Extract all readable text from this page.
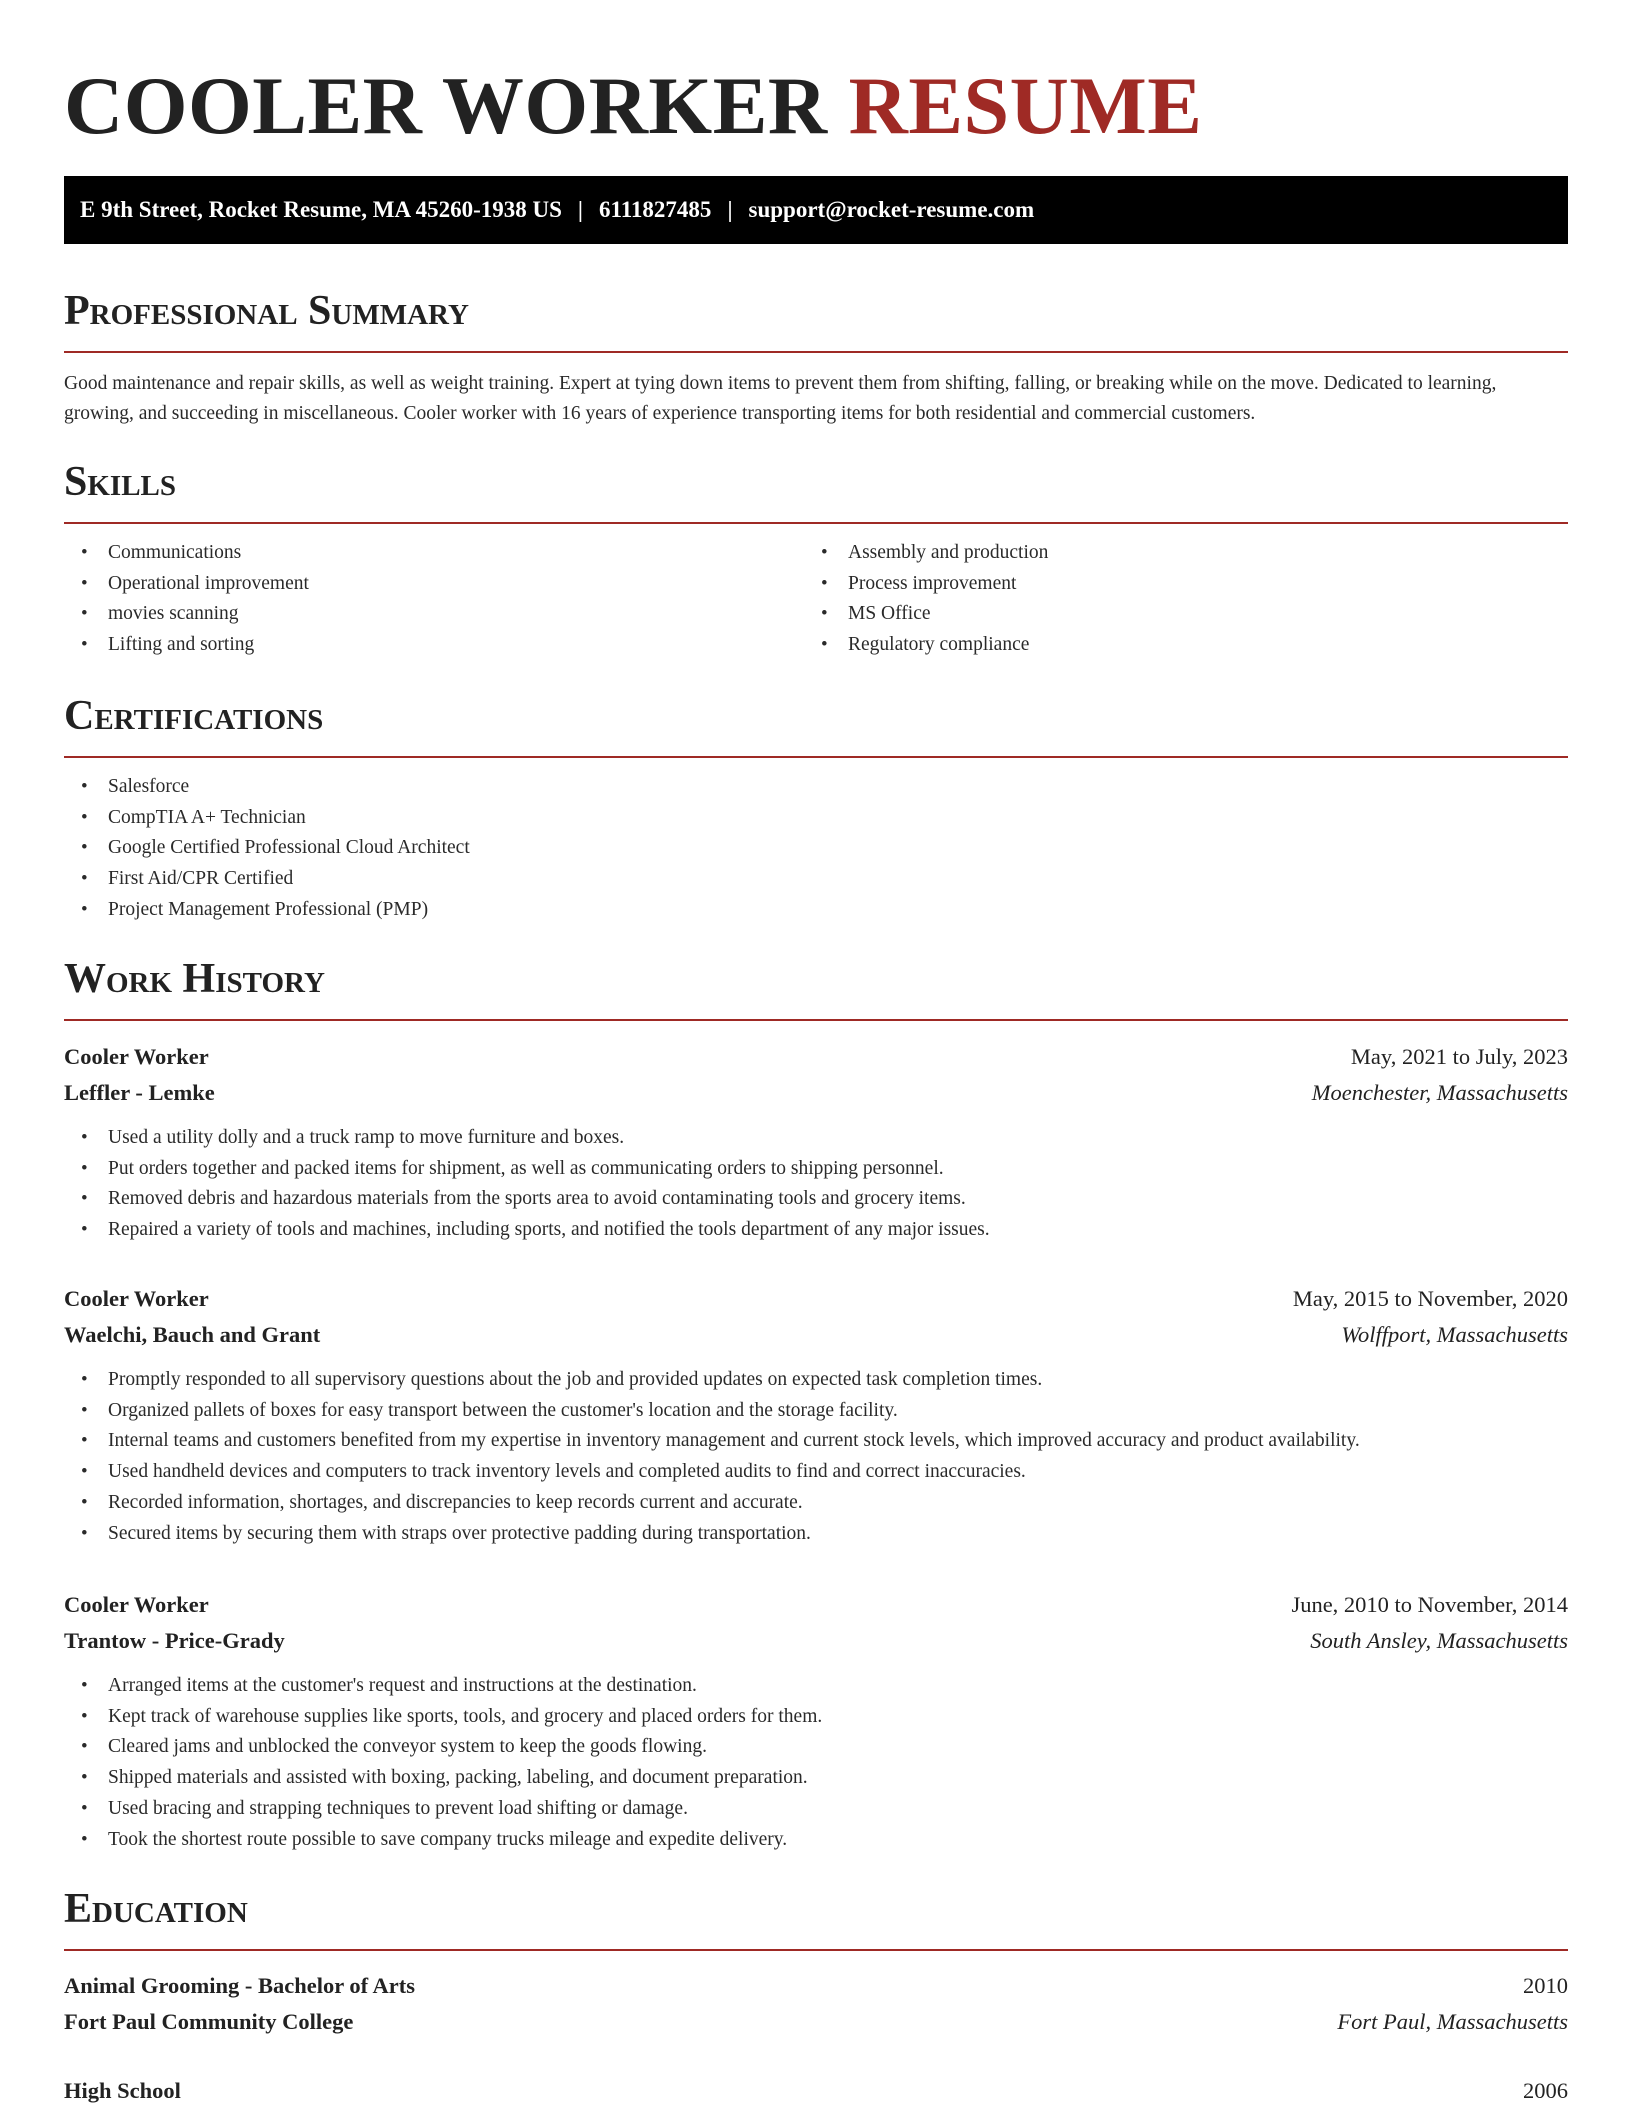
COOLER WORKER RESUME
E 9th Street, Rocket Resume, MA 45260-1938 US | 6111827485 | support@rocket-resume.com
Professional Summary

Good maintenance and repair skills, as well as weight training. Expert at tying down items to prevent them from shifting, falling, or breaking while on the move. Dedicated to learning, growing, and succeeding in miscellaneous. Cooler worker with 16 years of experience transporting items for both residential and commercial customers.

Skills
• Communications
• Operational improvement
• movies scanning
• Lifting and sorting
• Assembly and production
• Process improvement
• MS Office
• Regulatory compliance
Certifications
• Salesforce
• CompTIA A+ Technician
• Google Certified Professional Cloud Architect
• First Aid/CPR Certified
• Project Management Professional (PMP)
Work History
Cooler Worker	May, 2021 to July, 2023
Leffler - Lemke	Moenchester, Massachusetts
• Used a utility dolly and a truck ramp to move furniture and boxes.
• Put orders together and packed items for shipment, as well as communicating orders to shipping personnel.
• Removed debris and hazardous materials from the sports area to avoid contaminating tools and grocery items.
• Repaired a variety of tools and machines, including sports, and notified the tools department of any major issues.
Cooler Worker	May, 2015 to November, 2020
Waelchi, Bauch and Grant	Wolffport, Massachusetts
• Promptly responded to all supervisory questions about the job and provided updates on expected task completion times.
• Organized pallets of boxes for easy transport between the customer's location and the storage facility.
• Internal teams and customers benefited from my expertise in inventory management and current stock levels, which improved accuracy and product availability.
• Used handheld devices and computers to track inventory levels and completed audits to find and correct inaccuracies.
• Recorded information, shortages, and discrepancies to keep records current and accurate.
• Secured items by securing them with straps over protective padding during transportation.
Cooler Worker	June, 2010 to November, 2014
Trantow - Price-Grady	South Ansley, Massachusetts
• Arranged items at the customer's request and instructions at the destination.
• Kept track of warehouse supplies like sports, tools, and grocery and placed orders for them.
• Cleared jams and unblocked the conveyor system to keep the goods flowing.
• Shipped materials and assisted with boxing, packing, labeling, and document preparation.
• Used bracing and strapping techniques to prevent load shifting or damage.
• Took the shortest route possible to save company trucks mileage and expedite delivery.
Education
Animal Grooming - Bachelor of Arts	2010
Fort Paul Community College	Fort Paul, Massachusetts
High School	2006
